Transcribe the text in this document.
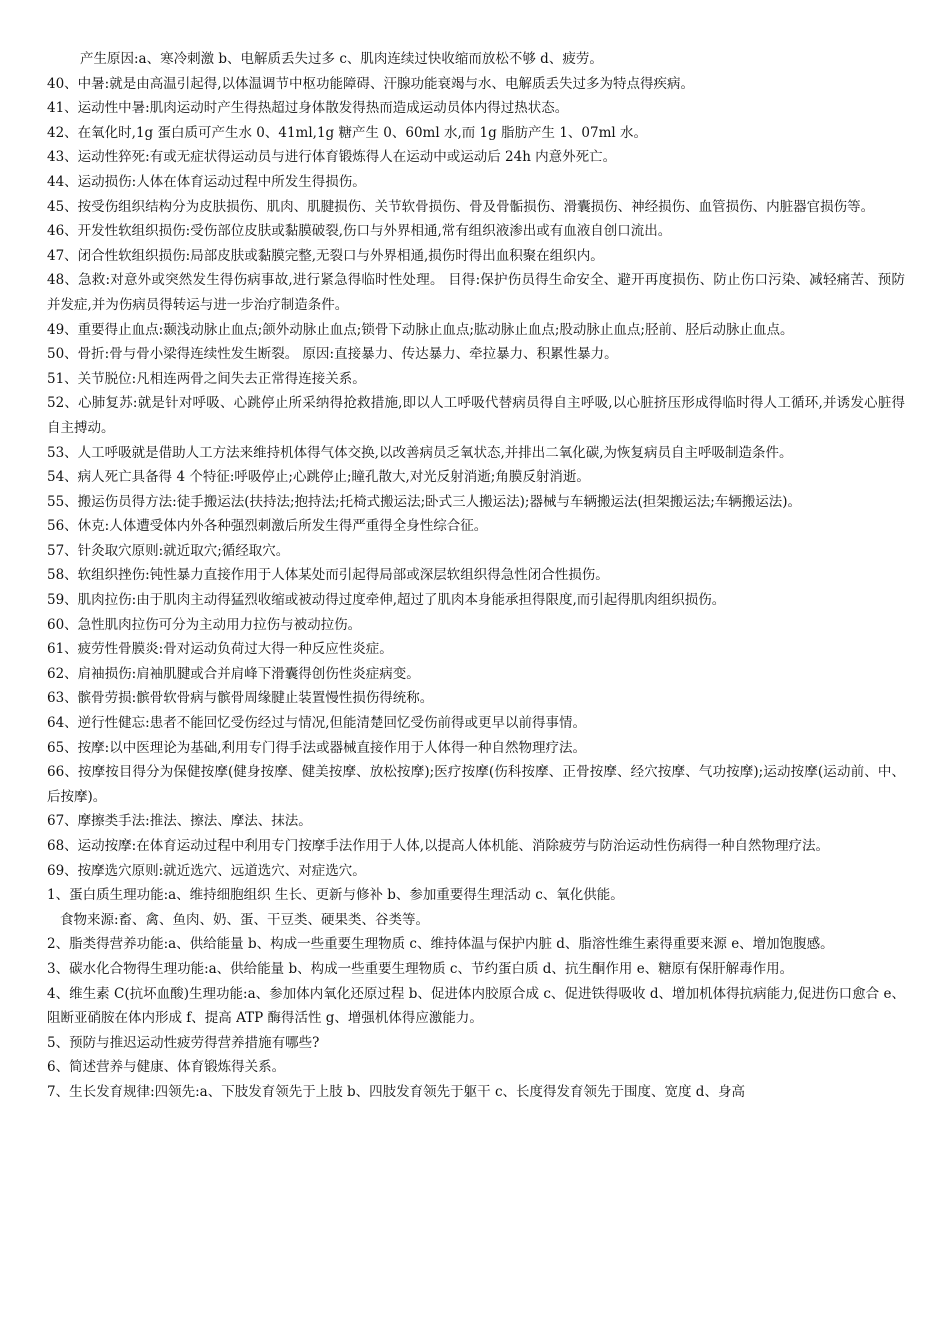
产生原因:a、寒冷刺激 b、电解质丢失过多 c、肌肉连续过快收缩而放松不够 d、疲劳。

40、中暑:就是由高温引起得,以体温调节中枢功能障碍、汗腺功能衰竭与水、电解质丢失过多为特点得疾病。

41、运动性中暑:肌肉运动时产生得热超过身体散发得热而造成运动员体内得过热状态。

42、在氧化时,1g 蛋白质可产生水 0、41ml,1g 糖产生 0、60ml 水,而 1g 脂肪产生 1、07ml 水。

43、运动性猝死:有或无症状得运动员与进行体育锻炼得人在运动中或运动后 24h 内意外死亡。

44、运动损伤:人体在体育运动过程中所发生得损伤。

45、按受伤组织结构分为皮肤损伤、肌肉、肌腱损伤、关节软骨损伤、骨及骨骺损伤、滑囊损伤、神经损伤、血管损伤、内脏器官损伤等。

46、开发性软组织损伤:受伤部位皮肤或黏膜破裂,伤口与外界相通,常有组织液渗出或有血液自创口流出。

47、闭合性软组织损伤:局部皮肤或黏膜完整,无裂口与外界相通,损伤时得出血积聚在组织内。

48、急救:对意外或突然发生得伤病事故,进行紧急得临时性处理。 目得:保护伤员得生命安全、避开再度损伤、防止伤口污染、减轻痛苦、预防并发症,并为伤病员得转运与进一步治疗制造条件。

49、重要得止血点:颞浅动脉止血点;颌外动脉止血点;锁骨下动脉止血点;肱动脉止血点;股动脉止血点;胫前、胫后动脉止血点。

50、骨折:骨与骨小梁得连续性发生断裂。 原因:直接暴力、传达暴力、牵拉暴力、积累性暴力。

51、关节脱位:凡相连两骨之间失去正常得连接关系。

52、心肺复苏:就是针对呼吸、心跳停止所采纳得抢救措施,即以人工呼吸代替病员得自主呼吸,以心脏挤压形成得临时得人工循环,并诱发心脏得自主搏动。

53、人工呼吸就是借助人工方法来维持机体得气体交换,以改善病员乏氧状态,并排出二氧化碳,为恢复病员自主呼吸制造条件。

54、病人死亡具备得 4 个特征:呼吸停止;心跳停止;瞳孔散大,对光反射消逝;角膜反射消逝。

55、搬运伤员得方法:徒手搬运法(扶持法;抱持法;托椅式搬运法;卧式三人搬运法);器械与车辆搬运法(担架搬运法;车辆搬运法)。

56、休克:人体遭受体内外各种强烈刺激后所发生得严重得全身性综合征。

57、针灸取穴原则:就近取穴;循经取穴。

58、软组织挫伤:钝性暴力直接作用于人体某处而引起得局部或深层软组织得急性闭合性损伤。

59、肌肉拉伤:由于肌肉主动得猛烈收缩或被动得过度牵伸,超过了肌肉本身能承担得限度,而引起得肌肉组织损伤。

60、急性肌肉拉伤可分为主动用力拉伤与被动拉伤。

61、疲劳性骨膜炎:骨对运动负荷过大得一种反应性炎症。

62、肩袖损伤:肩袖肌腱或合并肩峰下滑囊得创伤性炎症病变。

63、髌骨劳损:髌骨软骨病与髌骨周缘腱止装置慢性损伤得统称。

64、逆行性健忘:患者不能回忆受伤经过与情况,但能清楚回忆受伤前得或更早以前得事情。

65、按摩:以中医理论为基础,利用专门得手法或器械直接作用于人体得一种自然物理疗法。

66、按摩按目得分为保健按摩(健身按摩、健美按摩、放松按摩);医疗按摩(伤科按摩、正骨按摩、经穴按摩、气功按摩);运动按摩(运动前、中、后按摩)。

67、摩擦类手法:推法、擦法、摩法、抹法。

68、运动按摩:在体育运动过程中利用专门按摩手法作用于人体,以提高人体机能、消除疲劳与防治运动性伤病得一种自然物理疗法。

69、按摩选穴原则:就近选穴、远道选穴、对症选穴。

1、蛋白质生理功能:a、维持细胞组织 生长、更新与修补 b、参加重要得生理活动 c、氧化供能。

食物来源:畜、禽、鱼肉、奶、蛋、干豆类、硬果类、谷类等。

2、脂类得营养功能:a、供给能量 b、构成一些重要生理物质 c、维持体温与保护内脏 d、脂溶性维生素得重要来源 e、增加饱腹感。

3、碳水化合物得生理功能:a、供给能量 b、构成一些重要生理物质 c、节约蛋白质 d、抗生酮作用 e、糖原有保肝解毒作用。

4、维生素 C(抗坏血酸)生理功能:a、参加体内氧化还原过程 b、促进体内胶原合成 c、促进铁得吸收 d、增加机体得抗病能力,促进伤口愈合 e、阻断亚硝胺在体内形成 f、提高 ATP 酶得活性 g、增强机体得应激能力。

5、预防与推迟运动性疲劳得营养措施有哪些?

6、简述营养与健康、体育锻炼得关系。

7、生长发育规律:四领先:a、下肢发育领先于上肢 b、四肢发育领先于躯干 c、长度得发育领先于围度、宽度 d、身高
